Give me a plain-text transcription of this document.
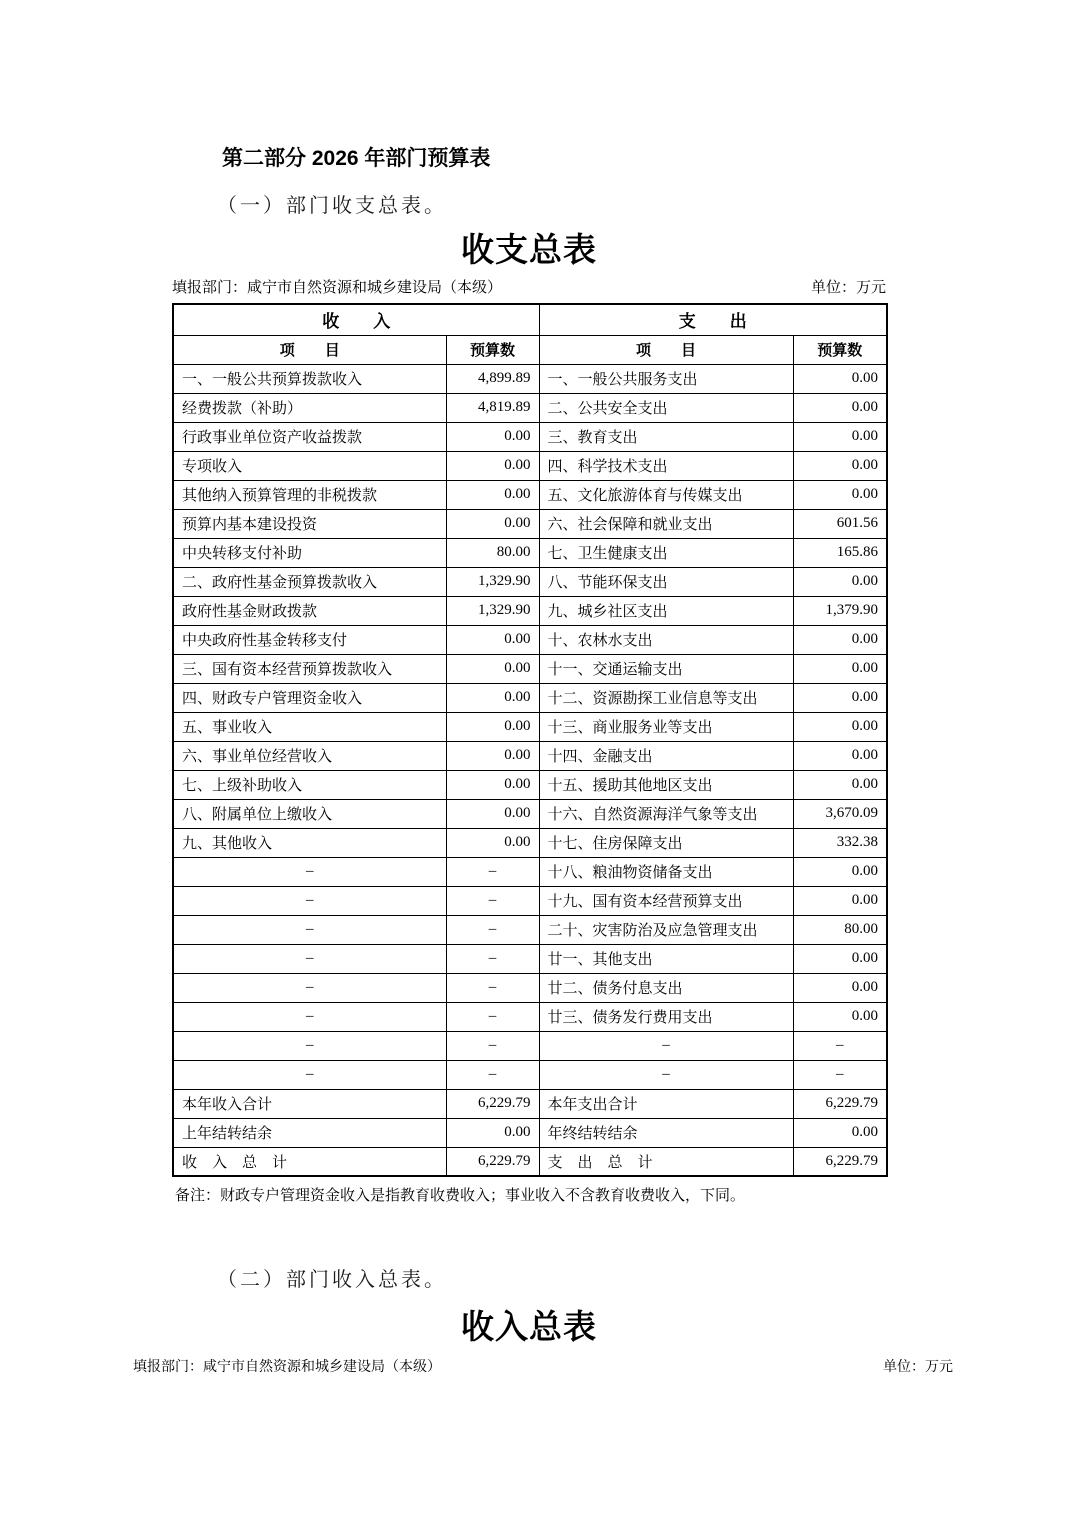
第二部分 2026 年部门预算表
（一）部门收支总表。
收支总表
填报部门：咸宁市自然资源和城乡建设局（本级）	单位：万元
收　　入		支　　出	
项　　目	预算数	项　　目	预算数
一、一般公共预算拨款收入	4,899.89	一、一般公共服务支出	0.00
经费拨款（补助）	4,819.89	二、公共安全支出	0.00
行政事业单位资产收益拨款	0.00	三、教育支出	0.00
专项收入	0.00	四、科学技术支出	0.00
其他纳入预算管理的非税拨款	0.00	五、文化旅游体育与传媒支出	0.00
预算内基本建设投资	0.00	六、社会保障和就业支出	601.56
中央转移支付补助	80.00	七、卫生健康支出	165.86
二、政府性基金预算拨款收入	1,329.90	八、节能环保支出	0.00
政府性基金财政拨款	1,329.90	九、城乡社区支出	1,379.90
中央政府性基金转移支付	0.00	十、农林水支出	0.00
三、国有资本经营预算拨款收入	0.00	十一、交通运输支出	0.00
四、财政专户管理资金收入	0.00	十二、资源勘探工业信息等支出	0.00
五、事业收入	0.00	十三、商业服务业等支出	0.00
六、事业单位经营收入	0.00	十四、金融支出	0.00
七、上级补助收入	0.00	十五、援助其他地区支出	0.00
八、附属单位上缴收入	0.00	十六、自然资源海洋气象等支出	3,670.09
九、其他收入	0.00	十七、住房保障支出	332.38
–	–	十八、粮油物资储备支出	0.00
–	–	十九、国有资本经营预算支出	0.00
–	–	二十、灾害防治及应急管理支出	80.00
–	–	廿一、其他支出	0.00
–	–	廿二、债务付息支出	0.00
–	–	廿三、债务发行费用支出	0.00
–	–	–	–
–	–	–	–
本年收入合计	6,229.79	本年支出合计	6,229.79
上年结转结余	0.00	年终结转结余	0.00
收　入　总　计	6,229.79	支　出　总　计	6,229.79
备注：财政专户管理资金收入是指教育收费收入；事业收入不含教育收费收入，下同。
（二）部门收入总表。
收入总表
填报部门：咸宁市自然资源和城乡建设局（本级）	单位：万元
